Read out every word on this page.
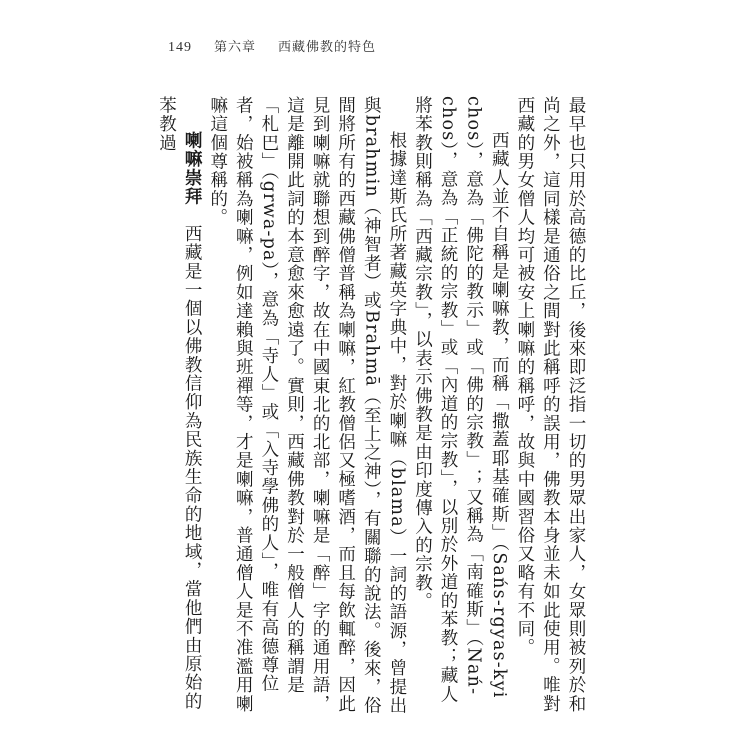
149 第六章 西藏佛教的特色

最早也只用於高德的比丘，後來即泛指一切的男眾出家人，女眾則被列於和尚之外，這同樣是通俗之間對此稱呼的誤用，佛教本身並未如此使用。唯對西藏的男女僧人均可被安上喇嘛的稱呼，故與中國習俗又略有不同。

西藏人並不自稱是喇嘛教，而稱「撒蓋耶基確斯」（Sańs-rgyas-kyi chos），意為「佛陀的教示」或「佛的宗教」；又稱為「南確斯」（Nań-chos），意為「正統的宗教」或「內道的宗教」，以別於外道的苯教；藏人將苯教則稱為「西藏宗教」，以表示佛教是由印度傳入的宗教。

根據達斯氏所著藏英字典中，對於喇嘛（blama）一詞的語源，曾提出與brahmin（神智者）或Brahmā（至上之神），有關聯的說法。後來，俗間將所有的西藏佛僧普稱為喇嘛，紅教僧侶又極嗜酒，而且每飲輒醉，因此見到喇嘛就聯想到醉字，故在中國東北的北部，喇嘛是「醉」字的通用語，這是離開此詞的本意愈來愈遠了。實則，西藏佛教對於一般僧人的稱謂是「札巴」（grwa-pa），意為「寺人」或「入寺學佛的人」，唯有高德尊位者，始被稱為喇嘛，例如達賴與班禪等，才是喇嘛，普通僧人是不准濫用喇嘛這個尊稱的。

喇嘛崇拜　西藏是一個以佛教信仰為民族生命的地域，當他們由原始的苯教過
